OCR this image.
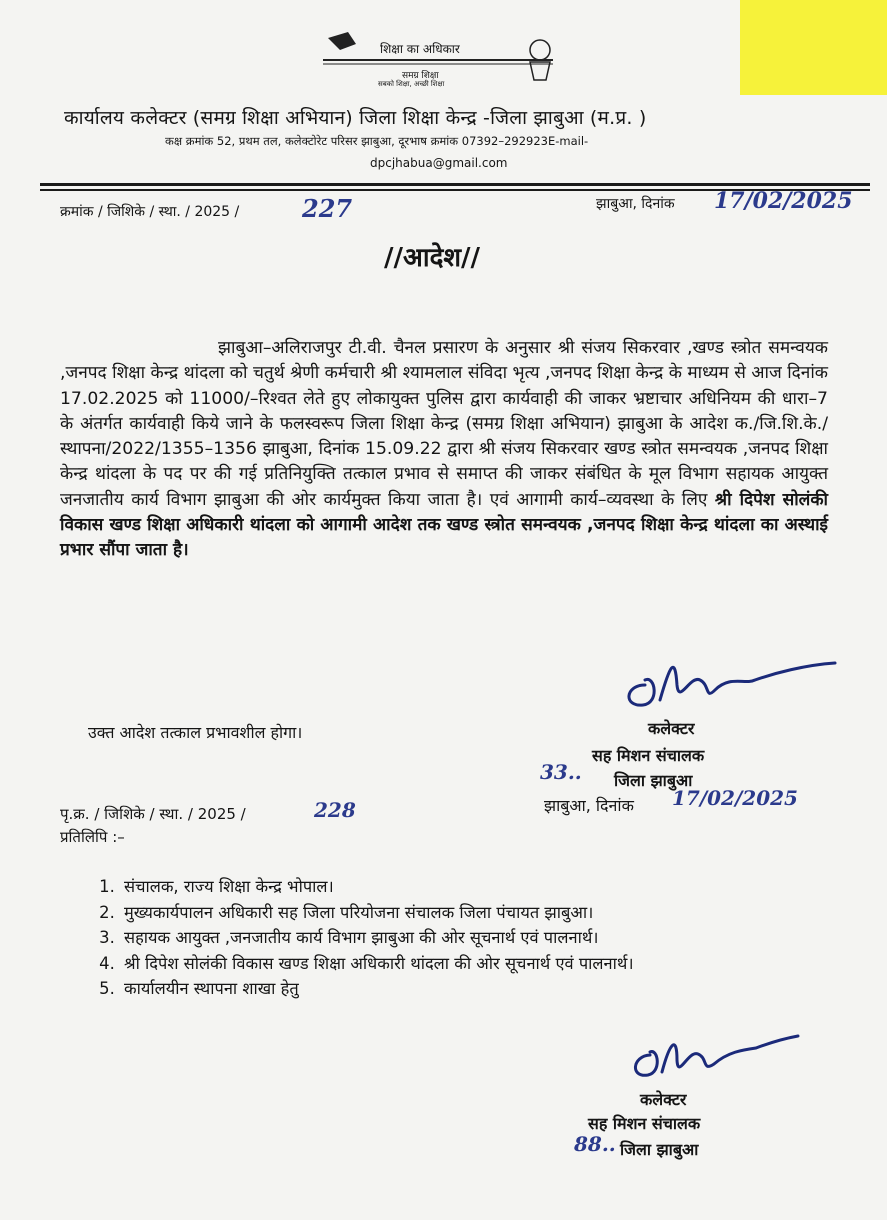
शिक्षा का अधिकार
समग्र शिक्षा
सबको शिक्षा, अच्छी शिक्षा
कार्यालय कलेक्टर (समग्र शिक्षा अभियान) जिला शिक्षा केन्द्र -जिला झाबुआ (म.प्र. )
कक्ष क्रमांक 52, प्रथम तल, कलेक्टोरेट परिसर झाबुआ, दूरभाष क्रमांक 07392–292923E-mail-
dpcjhabua@gmail.com
क्रमांक / जिशिके / स्था. / 2025 /	227	झाबुआ, दिनांक 17/02/2025
//आदेश//

झाबुआ–अलिराजपुर टी.वी. चैनल प्रसारण के अनुसार श्री संजय सिकरवार ,खण्ड स्त्रोत समन्वयक ,जनपद शिक्षा केन्द्र थांदला को चतुर्थ श्रेणी कर्मचारी श्री श्यामलाल संविदा भृत्य ,जनपद शिक्षा केन्द्र के माध्यम से आज दिनांक 17.02.2025 को 11000/–रिश्वत लेते हुए लोकायुक्त पुलिस द्वारा कार्यवाही की जाकर भ्रष्टाचार अधिनियम की धारा–7 के अंतर्गत कार्यवाही किये जाने के फलस्वरूप जिला शिक्षा केन्द्र (समग्र शिक्षा अभियान) झाबुआ के आदेश क./जि.शि.के./स्थापना/2022/1355–1356 झाबुआ, दिनांक 15.09.22 द्वारा श्री संजय सिकरवार खण्ड स्त्रोत समन्वयक ,जनपद शिक्षा केन्द्र थांदला के पद पर की गई प्रतिनियुक्ति तत्काल प्रभाव से समाप्त की जाकर संबंधित के मूल विभाग सहायक आयुक्त जनजातीय कार्य विभाग झाबुआ की ओर कार्यमुक्त किया जाता है। एवं आगामी कार्य–व्यवस्था के लिए श्री दिपेश सोलंकी विकास खण्ड शिक्षा अधिकारी थांदला को आगामी आदेश तक खण्ड स्त्रोत समन्वयक ,जनपद शिक्षा केन्द्र थांदला का अस्थाई प्रभार सौंपा जाता है।

उक्त आदेश तत्काल प्रभावशील होगा।	कलेक्टर
सह मिशन संचालक
33.. जिला झाबुआ
झाबुआ, दिनांक 17/02/2025
पृ.क्र. / जिशिके / स्था. / 2025 /	228
प्रतिलिपि :–
1. संचालक, राज्य शिक्षा केन्द्र भोपाल।
2. मुख्यकार्यपालन अधिकारी सह जिला परियोजना संचालक जिला पंचायत झाबुआ।
3. सहायक आयुक्त ,जनजातीय कार्य विभाग झाबुआ की ओर सूचनार्थ एवं पालनार्थ।
4. श्री दिपेश सोलंकी विकास खण्ड शिक्षा अधिकारी थांदला की ओर सूचनार्थ एवं पालनार्थ।
5. कार्यालयीन स्थापना शाखा हेतु
कलेक्टर
सह मिशन संचालक
88.. जिला झाबुआ
